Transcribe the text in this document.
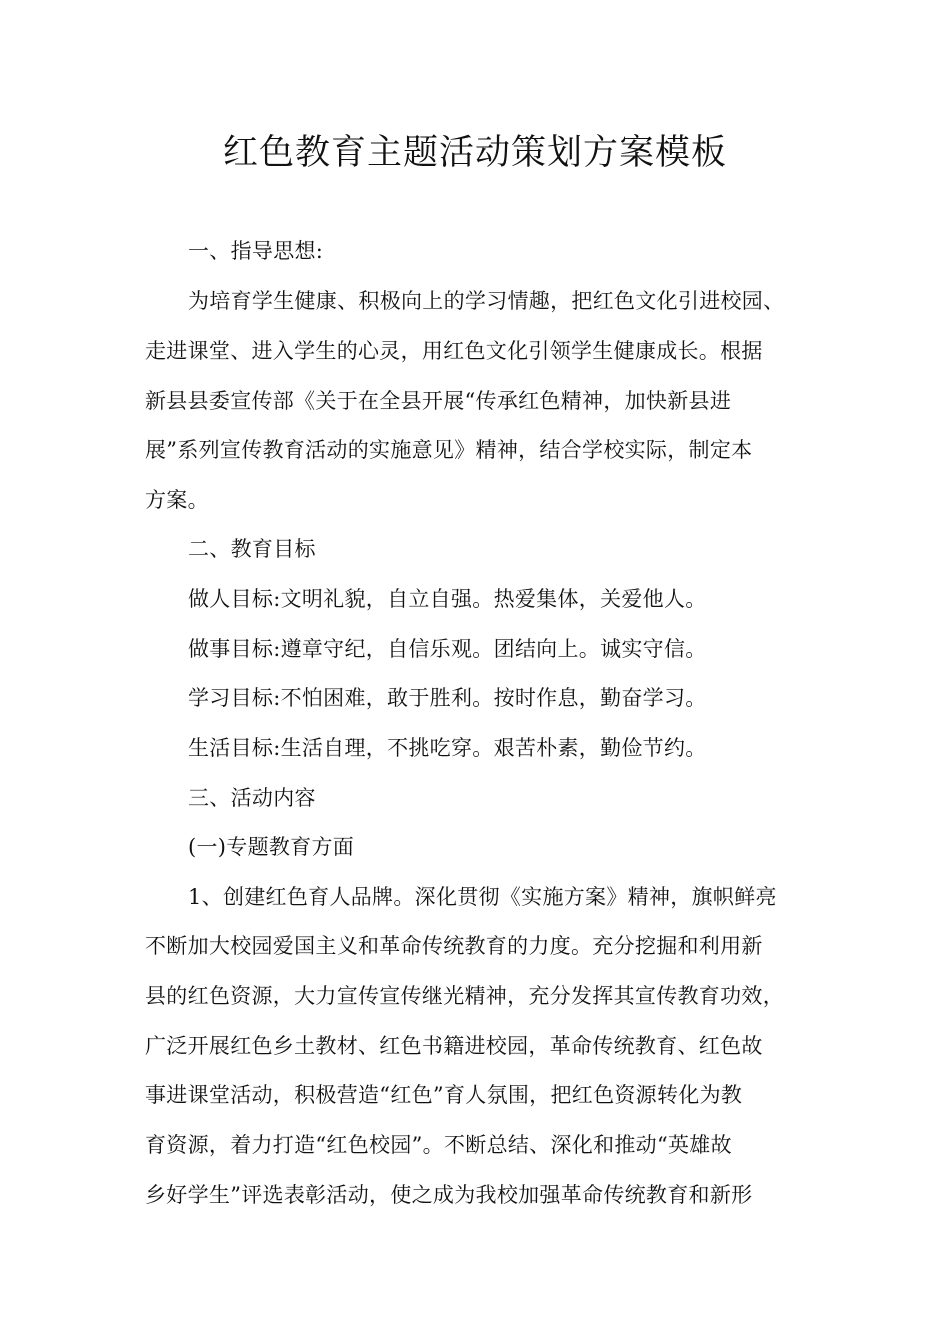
红色教育主题活动策划方案模板
一、指导思想:
为培育学生健康、积极向上的学习情趣，把红色文化引进校园、
走进课堂、进入学生的心灵，用红色文化引领学生健康成长。根据
新县县委宣传部《关于在全县开展“传承红色精神，加快新县进
展”系列宣传教育活动的实施意见》精神，结合学校实际，制定本
方案。
二、教育目标
做人目标:文明礼貌，自立自强。热爱集体，关爱他人。
做事目标:遵章守纪，自信乐观。团结向上。诚实守信。
学习目标:不怕困难，敢于胜利。按时作息，勤奋学习。
生活目标:生活自理，不挑吃穿。艰苦朴素，勤俭节约。
三、活动内容
(一)专题教育方面
1、创建红色育人品牌。深化贯彻《实施方案》精神，旗帜鲜亮
不断加大校园爱国主义和革命传统教育的力度。充分挖掘和利用新
县的红色资源，大力宣传宣传继光精神，充分发挥其宣传教育功效，
广泛开展红色乡土教材、红色书籍进校园，革命传统教育、红色故
事进课堂活动，积极营造“红色”育人氛围，把红色资源转化为教
育资源，着力打造“红色校园”。不断总结、深化和推动“英雄故
乡好学生”评选表彰活动，使之成为我校加强革命传统教育和新形
